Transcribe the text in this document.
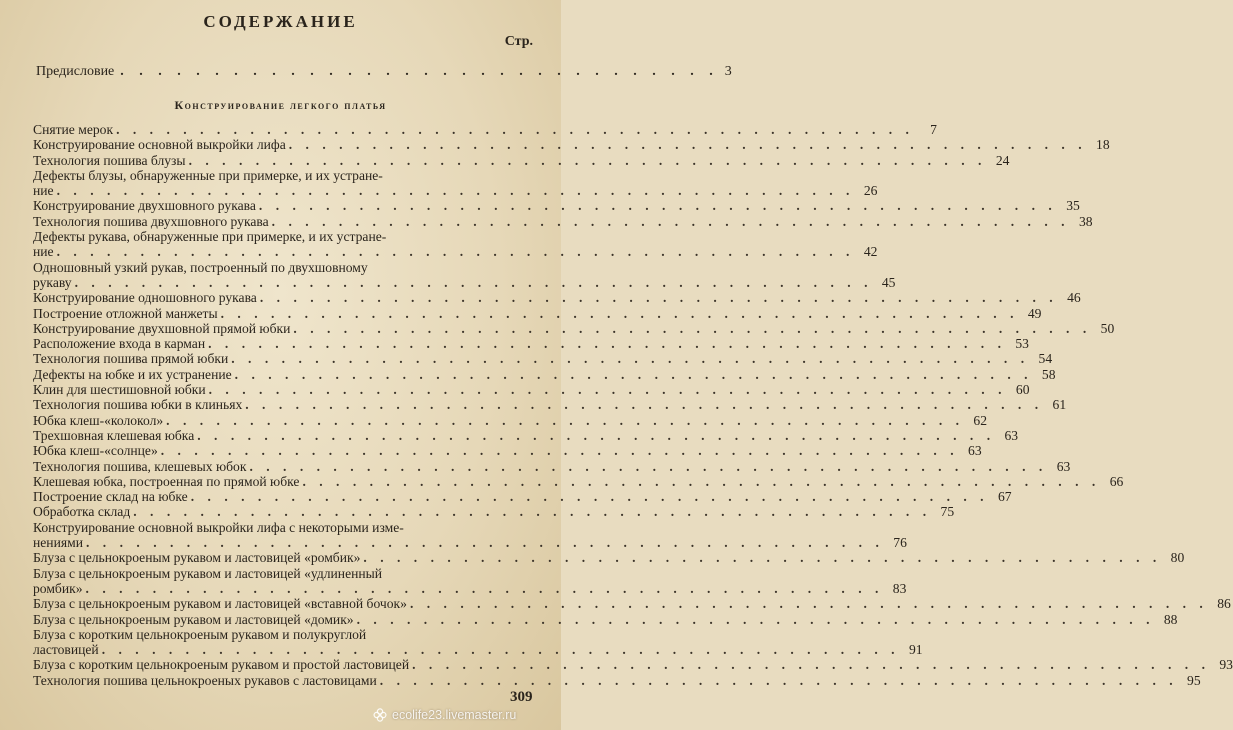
СОДЕРЖАНИЕ
Стр.
Предисловие . . . . . . . . . . . . . . . . . . . . . . . . . . . . . . . . 3
Конструирование легкого платья
Снятие мерок . . . . . . . . . . . . . . . . . . . . . . . . . . . . . . . . . . . . . . . . . . . . . . . .	7
Конструирование основной выкройки лифа . . . . . . . . . . . . . . . . . . . . . . . . . . . . . . . . . . . . . . . . . . . . . . . . 18
Технология пошива блузы . . . . . . . . . . . . . . . . . . . . . . . . . . . . . . . . . . . . . . . . . . . . . . . . 24
Дефекты блузы, обнаруженные при примерке, и их устране-
ние . . . . . . . . . . . . . . . . . . . . . . . . . . . . . . . . . . . . . . . . . . . . . . . . 26
Конструирование двухшовного рукава . . . . . . . . . . . . . . . . . . . . . . . . . . . . . . . . . . . . . . . . . . . . . . . . 35
Технология пошива двухшовного рукава . . . . . . . . . . . . . . . . . . . . . . . . . . . . . . . . . . . . . . . . . . . . . . . . 38
Дефекты рукава, обнаруженные при примерке, и их устране-
ние . . . . . . . . . . . . . . . . . . . . . . . . . . . . . . . . . . . . . . . . . . . . . . . . 42
Одношовный узкий рукав, построенный по двухшовному
рукаву . . . . . . . . . . . . . . . . . . . . . . . . . . . . . . . . . . . . . . . . . . . . . . . . 45
Конструирование одношовного рукава . . . . . . . . . . . . . . . . . . . . . . . . . . . . . . . . . . . . . . . . . . . . . . . . 46
Построение отложной манжеты . . . . . . . . . . . . . . . . . . . . . . . . . . . . . . . . . . . . . . . . . . . . . . . . 49
Конструирование двухшовной прямой юбки . . . . . . . . . . . . . . . . . . . . . . . . . . . . . . . . . . . . . . . . . . . . . . . . 50
Расположение входа в карман . . . . . . . . . . . . . . . . . . . . . . . . . . . . . . . . . . . . . . . . . . . . . . . . 53
Технология пошива прямой юбки . . . . . . . . . . . . . . . . . . . . . . . . . . . . . . . . . . . . . . . . . . . . . . . . 54
Дефекты на юбке и их устранение . . . . . . . . . . . . . . . . . . . . . . . . . . . . . . . . . . . . . . . . . . . . . . . . 58
Клин для шестишовной юбки . . . . . . . . . . . . . . . . . . . . . . . . . . . . . . . . . . . . . . . . . . . . . . . . 60
Технология пошива юбки в клиньях . . . . . . . . . . . . . . . . . . . . . . . . . . . . . . . . . . . . . . . . . . . . . . . . 61
Юбка клеш-«колокол» . . . . . . . . . . . . . . . . . . . . . . . . . . . . . . . . . . . . . . . . . . . . . . . . 62
Трехшовная клешевая юбка . . . . . . . . . . . . . . . . . . . . . . . . . . . . . . . . . . . . . . . . . . . . . . . . 63
Юбка клеш-«солнце» . . . . . . . . . . . . . . . . . . . . . . . . . . . . . . . . . . . . . . . . . . . . . . . . 63
Технология пошива, клешевых юбок . . . . . . . . . . . . . . . . . . . . . . . . . . . . . . . . . . . . . . . . . . . . . . . . 63
Клешевая юбка, построенная по прямой юбке . . . . . . . . . . . . . . . . . . . . . . . . . . . . . . . . . . . . . . . . . . . . . . . . 66
Построение склад на юбке . . . . . . . . . . . . . . . . . . . . . . . . . . . . . . . . . . . . . . . . . . . . . . . . 67
Обработка склад . . . . . . . . . . . . . . . . . . . . . . . . . . . . . . . . . . . . . . . . . . . . . . . . 75
Конструирование основной выкройки лифа с некоторыми изме-
нениями . . . . . . . . . . . . . . . . . . . . . . . . . . . . . . . . . . . . . . . . . . . . . . . . 76
Блуза с цельнокроеным рукавом и ластовицей «ромбик» . . . . . . . . . . . . . . . . . . . . . . . . . . . . . . . . . . . . . . . . . . . . . . . . 80
Блуза с цельнокроеным рукавом и ластовицей «удлиненный
ромбик» . . . . . . . . . . . . . . . . . . . . . . . . . . . . . . . . . . . . . . . . . . . . . . . . 83
Блуза с цельнокроеным рукавом и ластовицей «вставной бочок» . . . . . . . . . . . . . . . . . . . . . . . . . . . . . . . . . . . . . . . . . . . . . . . . 86
Блуза с цельнокроеным рукавом и ластовицей «домик» . . . . . . . . . . . . . . . . . . . . . . . . . . . . . . . . . . . . . . . . . . . . . . . . 88
Блуза с коротким цельнокроеным рукавом и полукруглой
ластовицей . . . . . . . . . . . . . . . . . . . . . . . . . . . . . . . . . . . . . . . . . . . . . . . . 91
Блуза с коротким цельнокроеным рукавом и простой ластовицей . . . . . . . . . . . . . . . . . . . . . . . . . . . . . . . . . . . . . . . . . . . . . . . . 93
Технология пошива цельнокроеных рукавов с ластовицами . . . . . . . . . . . . . . . . . . . . . . . . . . . . . . . . . . . . . . . . . . . . . . . . 95
309
ecolife23.livemaster.ru
